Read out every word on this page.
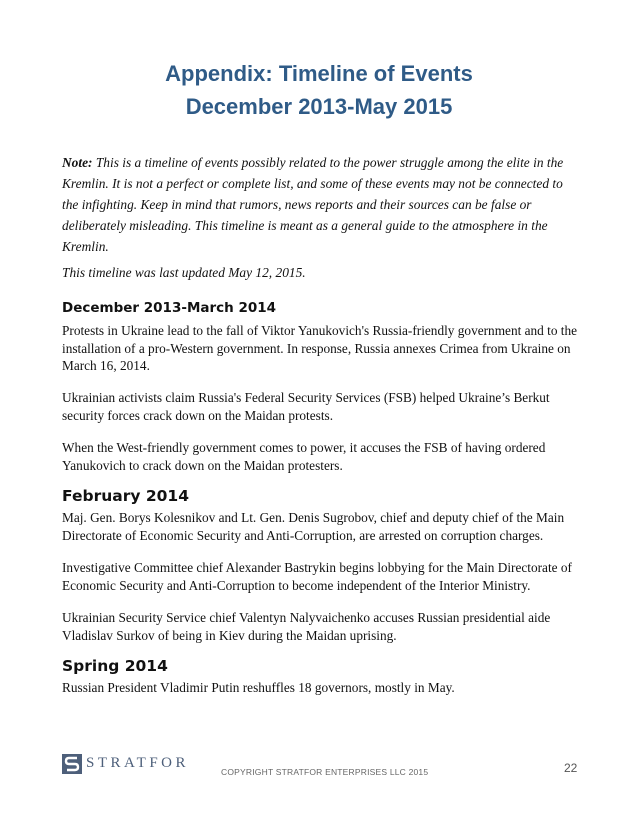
Appendix: Timeline of Events
December 2013-May 2015

Note: This is a timeline of events possibly related to the power struggle among the elite in the Kremlin. It is not a perfect or complete list, and some of these events may not be connected to the infighting. Keep in mind that rumors, news reports and their sources can be false or deliberately misleading. This timeline is meant as a general guide to the atmosphere in the Kremlin.

This timeline was last updated May 12, 2015.
December 2013-March 2014

Protests in Ukraine lead to the fall of Viktor Yanukovich's Russia-friendly government and to the installation of a pro-Western government. In response, Russia annexes Crimea from Ukraine on March 16, 2014.

Ukrainian activists claim Russia's Federal Security Services (FSB) helped Ukraine’s Berkut security forces crack down on the Maidan protests.

When the West-friendly government comes to power, it accuses the FSB of having ordered Yanukovich to crack down on the Maidan protesters.

February 2014

Maj. Gen. Borys Kolesnikov and Lt. Gen. Denis Sugrobov, chief and deputy chief of the Main Directorate of Economic Security and Anti-Corruption, are arrested on corruption charges.

Investigative Committee chief Alexander Bastrykin begins lobbying for the Main Directorate of Economic Security and Anti-Corruption to become independent of the Interior Ministry.

Ukrainian Security Service chief Valentyn Nalyvaichenko accuses Russian presidential aide Vladislav Surkov of being in Kiev during the Maidan uprising.

Spring 2014

Russian President Vladimir Putin reshuffles 18 governors, mostly in May.

STRATFOR
COPYRIGHT STRATFOR ENTERPRISES LLC 2015	22
